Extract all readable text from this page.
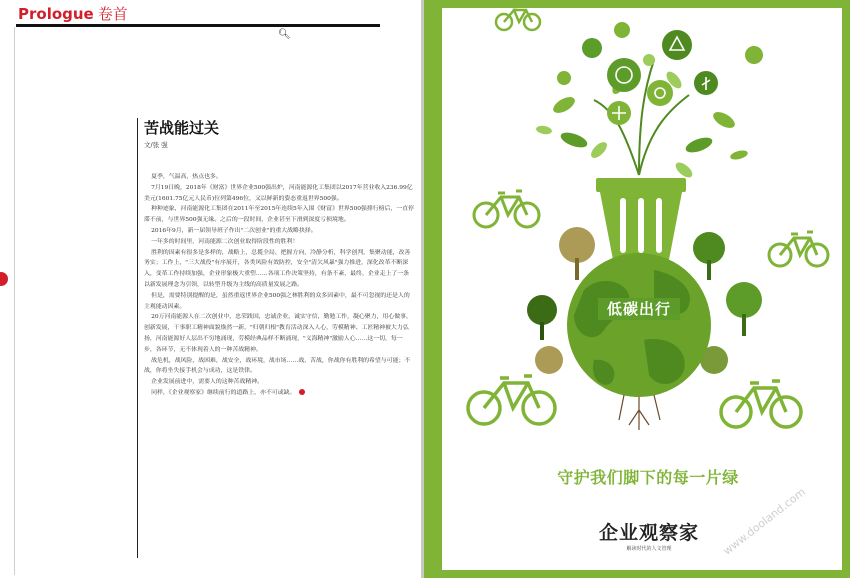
Prologue 卷首
🔍︎
苦战能过关
文/张 强

夏季，气温高，热点也多。

7月19日晚，2018年《财富》世界企业500强出炉，河南能源化工集团以2017年营业收入236.99亿美元(1601.75亿元人民币)位列第496位，又以鲜新的姿态重返世界500强。

种种迹象，河南能源化工集团在2011年至2015年连续5年入围《财富》世界500强排行榜后，一直停滞不前，与世界500强无缘。之后的一段时间，企业甚至下滑到深度亏损境地。

2016年9月，新一届领导班子作出"二次创业"的重大战略抉择。

一年多的时间里，河南能源二次创业取得阶段性的胜利！

胜利的因素有很多是多样的，战略上，总揽全局、把握方向，冷静分析，科学创判，集聚动能，改善务实；工作上，"三大战役"有序展开，各类风险有效防控，安全"清欠风暴"强力推进，深化改革不断深入，变革工作持续加强，企业形象极大重塑……各项工作决策坚持，有条不紊，最终，企业走上了一条以新发展理念为引领，以转型升级为主线的高质量发展之路。

但是，需要特别提醒的是，虽然重返世界企业500强之林胜利的众多因素中，最不可忽视的还是人的主观能动因素。

20万河南能源人在二次创业中，忠荣践国，忠诚企业，诚实守信，勤勉工作，凝心聚力，用心做事，创新发展，干事职工精神面貌焕然一新，"归朝归根"教育活动深入人心，劳模精神、工匠精神被大力弘扬，河南能源好人层出不穷地涌现，劳模经典品样不断涌现，"义海精神"激励人心……这一切，每一步，各环节，无不体现着人的一种苦战精神。

战危机，战风险，战困难，战安全，战环境，战市场……战，苦战，你战你有胜利的希望与可能；不战，你将坐失接手机会与成功，这是铁律。

企业发展前进中，需要人的这种苦战精神。

同样，《企业观察家》继续前行的道路上，亦不可或缺。

低碳出行
守护我们脚下的每一片绿
企业观察家
解读时代的人文管理	www.dooland.com
